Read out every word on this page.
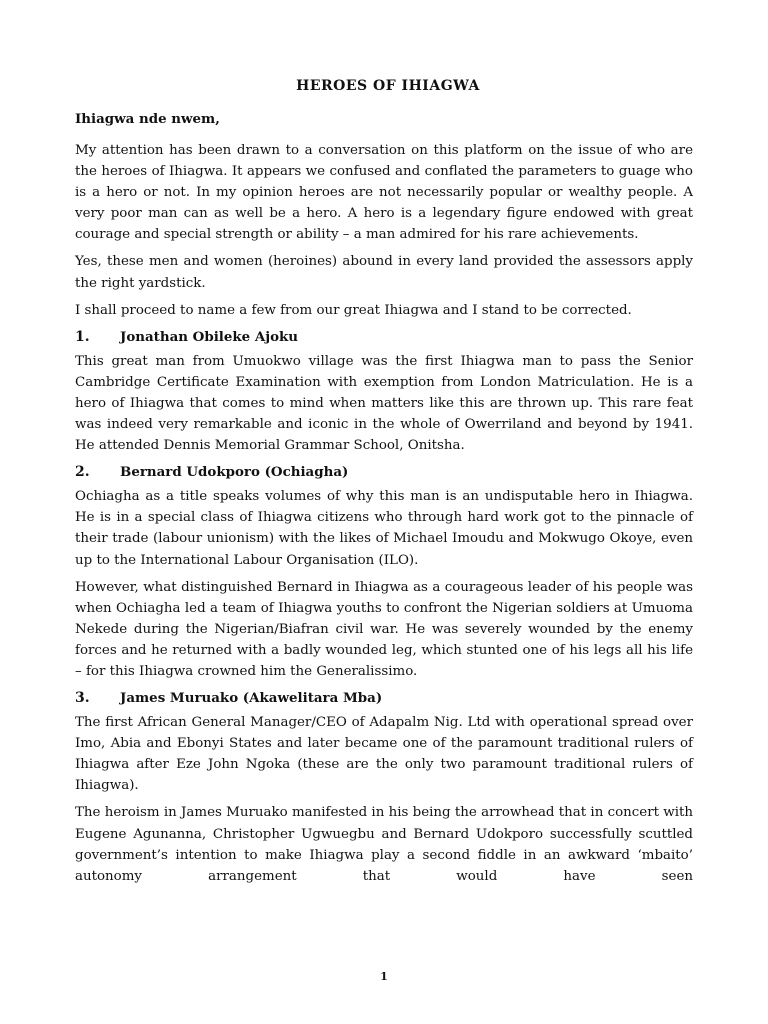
HEROES OF IHIAGWA
Ihiagwa nde nwem,

My attention has been drawn to a conversation on this platform on the issue of who are the heroes of Ihiagwa. It appears we confused and conflated the parameters to guage who is a hero or not. In my opinion heroes are not necessarily popular or wealthy people. A very poor man can as well be a hero. A hero is a legendary figure endowed with great courage and special strength or ability – a man admired for his rare achievements.

Yes, these men and women (heroines) abound in every land provided the assessors apply the right yardstick.

I shall proceed to name a few from our great Ihiagwa and I stand to be corrected.

1.	Jonathan Obileke Ajoku

This great man from Umuokwo village was the first Ihiagwa man to pass the Senior Cambridge Certificate Examination with exemption from London Matriculation. He is a hero of Ihiagwa that comes to mind when matters like this are thrown up. This rare feat was indeed very remarkable and iconic in the whole of Owerriland and beyond by 1941. He attended Dennis Memorial Grammar School, Onitsha.

2.	Bernard Udokporo (Ochiagha)

Ochiagha as a title speaks volumes of why this man is an undisputable hero in Ihiagwa. He is in a special class of Ihiagwa citizens who through hard work got to the pinnacle of their trade (labour unionism) with the likes of Michael Imoudu and Mokwugo Okoye, even up to the International Labour Organisation (ILO).

However, what distinguished Bernard in Ihiagwa as a courageous leader of his people was when Ochiagha led a team of Ihiagwa youths to confront the Nigerian soldiers at Umuoma Nekede during the Nigerian/Biafran civil war. He was severely wounded by the enemy forces and he returned with a badly wounded leg, which stunted one of his legs all his life – for this Ihiagwa crowned him the Generalissimo.

3.	James Muruako (Akawelitara Mba)

The first African General Manager/CEO of Adapalm Nig. Ltd with operational spread over Imo, Abia and Ebonyi States and later became one of the paramount traditional rulers of Ihiagwa after Eze John Ngoka (these are the only two paramount traditional rulers of Ihiagwa).

The heroism in James Muruako manifested in his being the arrowhead that in concert with Eugene Agunanna, Christopher Ugwuegbu and Bernard Udokporo successfully scuttled government’s intention to make Ihiagwa play a second fiddle in an awkward ‘mbaito’ autonomy arrangement that would have seen

1
